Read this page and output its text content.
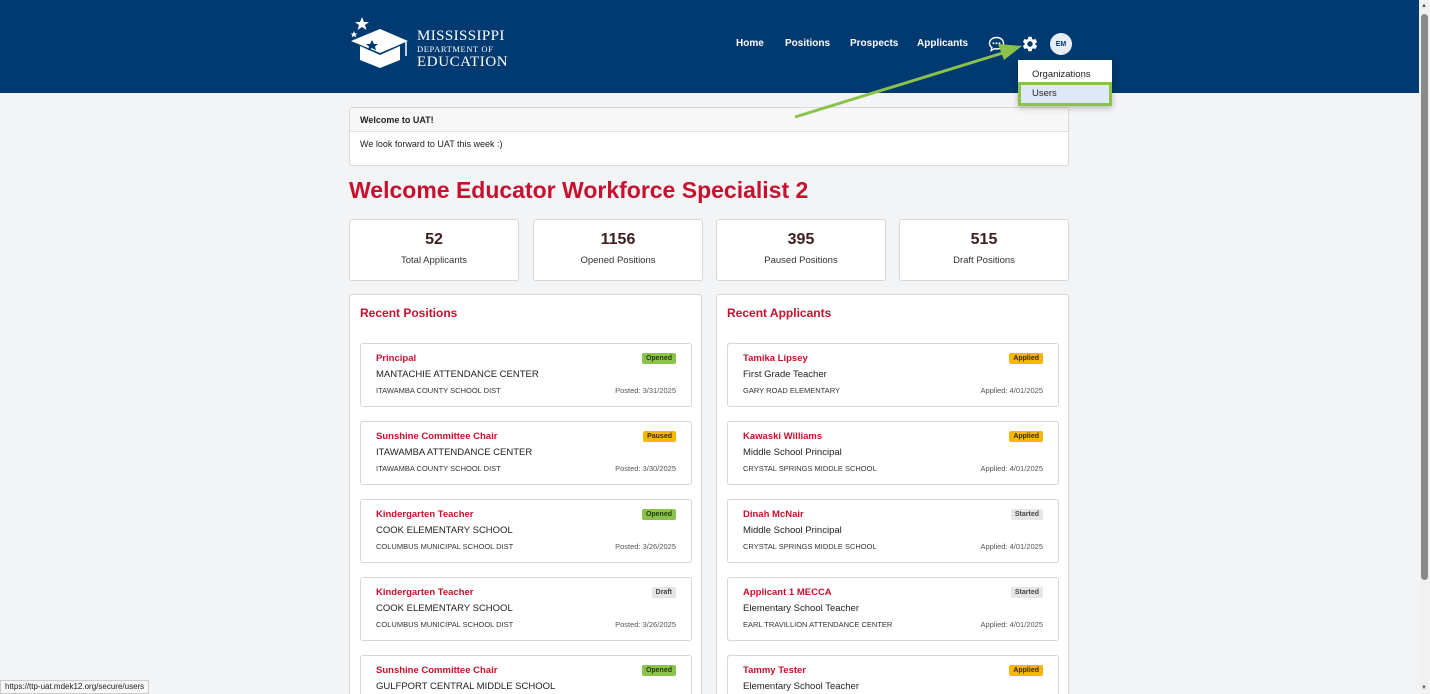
MISSISSIPPI
DEPARTMENT OF
EDUCATION
Home Positions Prospects Applicants	EM
Organizations
Users
Welcome to UAT!
We look forward to UAT this week :)
Welcome Educator Workforce Specialist 2
52
Total Applicants
1156
Opened Positions
395
Paused Positions
515
Draft Positions
Recent Positions
Principal	Opened
MANTACHIE ATTENDANCE CENTER
ITAWAMBA COUNTY SCHOOL DIST	Posted: 3/31/2025
Sunshine Committee Chair	Paused
ITAWAMBA ATTENDANCE CENTER
ITAWAMBA COUNTY SCHOOL DIST	Posted: 3/30/2025
Kindergarten Teacher	Opened
COOK ELEMENTARY SCHOOL
COLUMBUS MUNICIPAL SCHOOL DIST	Posted: 3/26/2025
Kindergarten Teacher	Draft
COOK ELEMENTARY SCHOOL
COLUMBUS MUNICIPAL SCHOOL DIST	Posted: 3/26/2025
Sunshine Committee Chair	Opened
GULFPORT CENTRAL MIDDLE SCHOOL
Recent Applicants
Tamika Lipsey	Applied
First Grade Teacher
GARY ROAD ELEMENTARY	Applied: 4/01/2025
Kawaski Williams	Applied
Middle School Principal
CRYSTAL SPRINGS MIDDLE SCHOOL	Applied: 4/01/2025
Dinah McNair	Started
Middle School Principal
CRYSTAL SPRINGS MIDDLE SCHOOL	Applied: 4/01/2025
Applicant 1 MECCA	Started
Elementary School Teacher
EARL TRAVILLION ATTENDANCE CENTER	Applied: 4/01/2025
Tammy Tester	Applied
Elementary School Teacher
▲
▼
https://ttp-uat.mdek12.org/secure/users
